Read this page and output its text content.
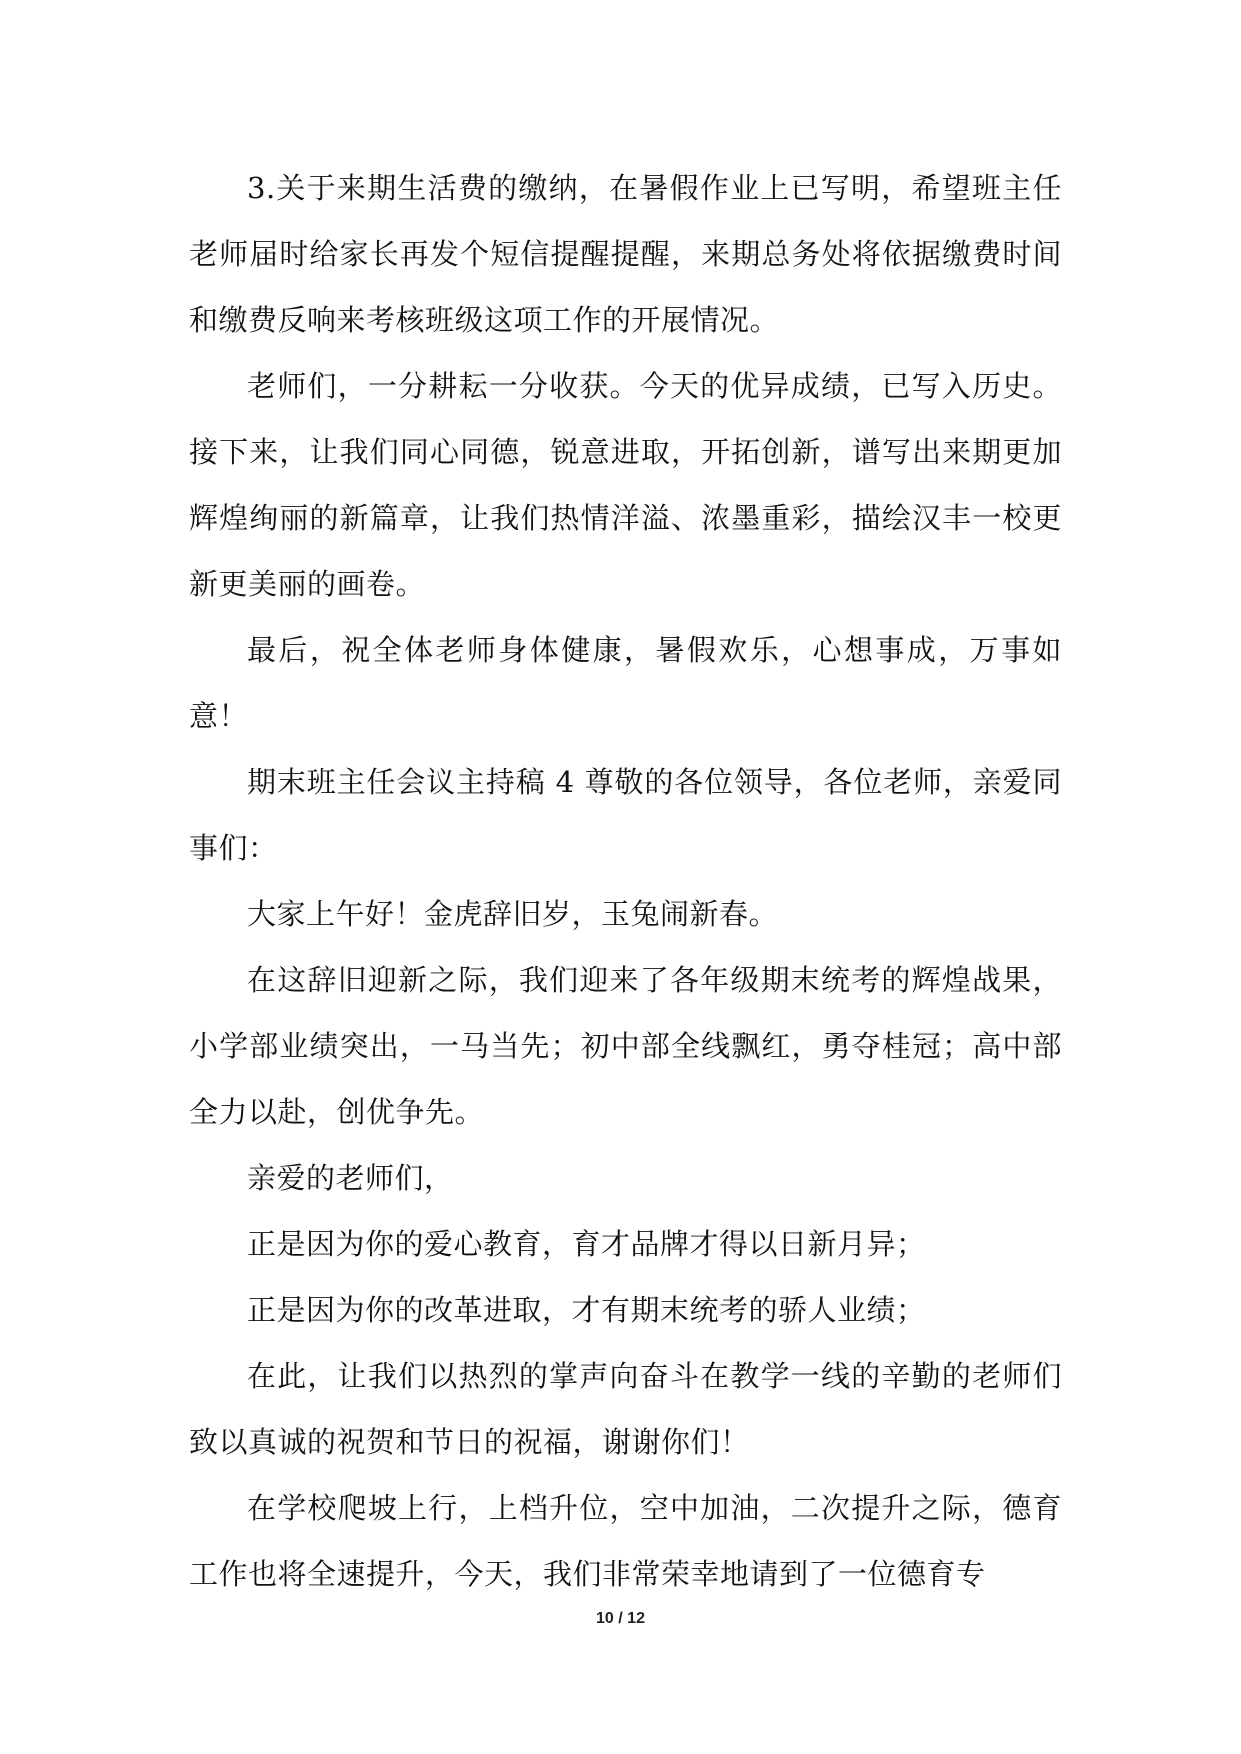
3.关于来期生活费的缴纳，在暑假作业上已写明，希望班主任老师届时给家长再发个短信提醒提醒，来期总务处将依据缴费时间和缴费反响来考核班级这项工作的开展情况。

老师们，一分耕耘一分收获。今天的优异成绩，已写入历史。接下来，让我们同心同德，锐意进取，开拓创新，谱写出来期更加辉煌绚丽的新篇章，让我们热情洋溢、浓墨重彩，描绘汉丰一校更新更美丽的画卷。

最后，祝全体老师身体健康，暑假欢乐，心想事成，万事如意！

期末班主任会议主持稿 4 尊敬的各位领导，各位老师，亲爱同事们：

大家上午好！金虎辞旧岁，玉兔闹新春。

在这辞旧迎新之际，我们迎来了各年级期末统考的辉煌战果，小学部业绩突出，一马当先；初中部全线飘红，勇夺桂冠；高中部全力以赴，创优争先。

亲爱的老师们，

正是因为你的爱心教育，育才品牌才得以日新月异；

正是因为你的改革进取，才有期末统考的骄人业绩；

在此，让我们以热烈的掌声向奋斗在教学一线的辛勤的老师们致以真诚的祝贺和节日的祝福，谢谢你们！

在学校爬坡上行，上档升位，空中加油，二次提升之际，德育工作也将全速提升，今天，我们非常荣幸地请到了一位德育专

10 / 12
